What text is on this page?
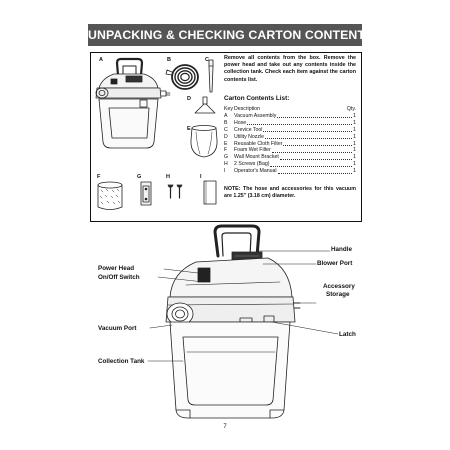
UNPACKING & CHECKING CARTON CONTENTS
A	B	C
D
E
F	G	H	I
Remove all contents from the box. Remove the power head and take out any contents inside the collection tank. Check each item against the carton contents list.
Carton Contents List:
Key Description	Qty.
A	Vacuum Assembly	1
B	Hose	1
C	Crevice Tool	1
D	Utility Nozzle	1
E	Reusable Cloth Filter	1
F	Foam Wet Filter	1
G	Wall Mount Bracket	1
H	2 Screws (Bag)	1
I	Operator's Manual	1
NOTE: The hose and accessories for this vacuum are 1.25" (3.18 cm) diameter.
Handle
Power Head
On/Off Switch
Blower Port
Accessory
Storage
Vacuum Port
Latch
Collection Tank
7
